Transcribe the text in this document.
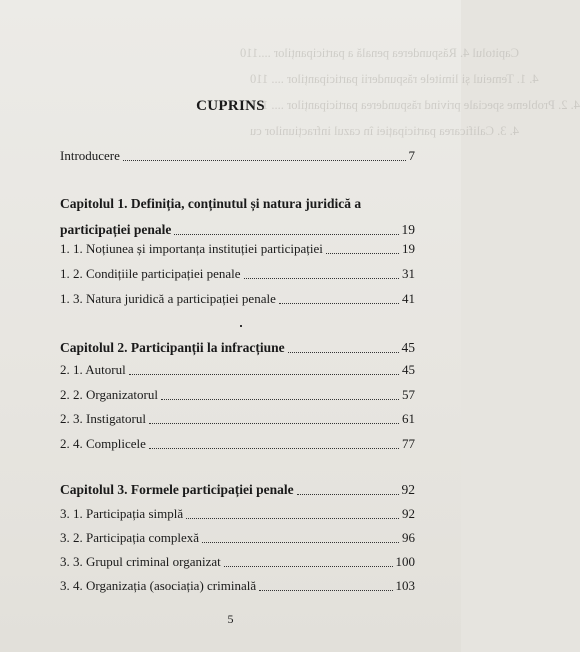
Capitolul 4. Răspunderea penală a participanților ....110
4. 1. Temeiul și limitele răspunderii participanților .... 110
4. 2. Probleme speciale privind răspunderea participanților .... 117
4. 3. Calificarea participației în cazul infracțiunilor cu
CUPRINS
Introducere	7
Capitolul 1. Definiția, conținutul și natura juridică a
participației penale	19
1. 1. Noțiunea și importanța instituției participației	19
1. 2. Condițiile participației penale	31
1. 3. Natura juridică a participației penale	41
Capitolul 2. Participanții la infracțiune	45
2. 1. Autorul	45
2. 2. Organizatorul	57
2. 3. Instigatorul	61
2. 4. Complicele	77
Capitolul 3. Formele participației penale	92
3. 1. Participația simplă	92
3. 2. Participația complexă	96
3. 3. Grupul criminal organizat	100
3. 4. Organizația (asociația) criminală	103
5
